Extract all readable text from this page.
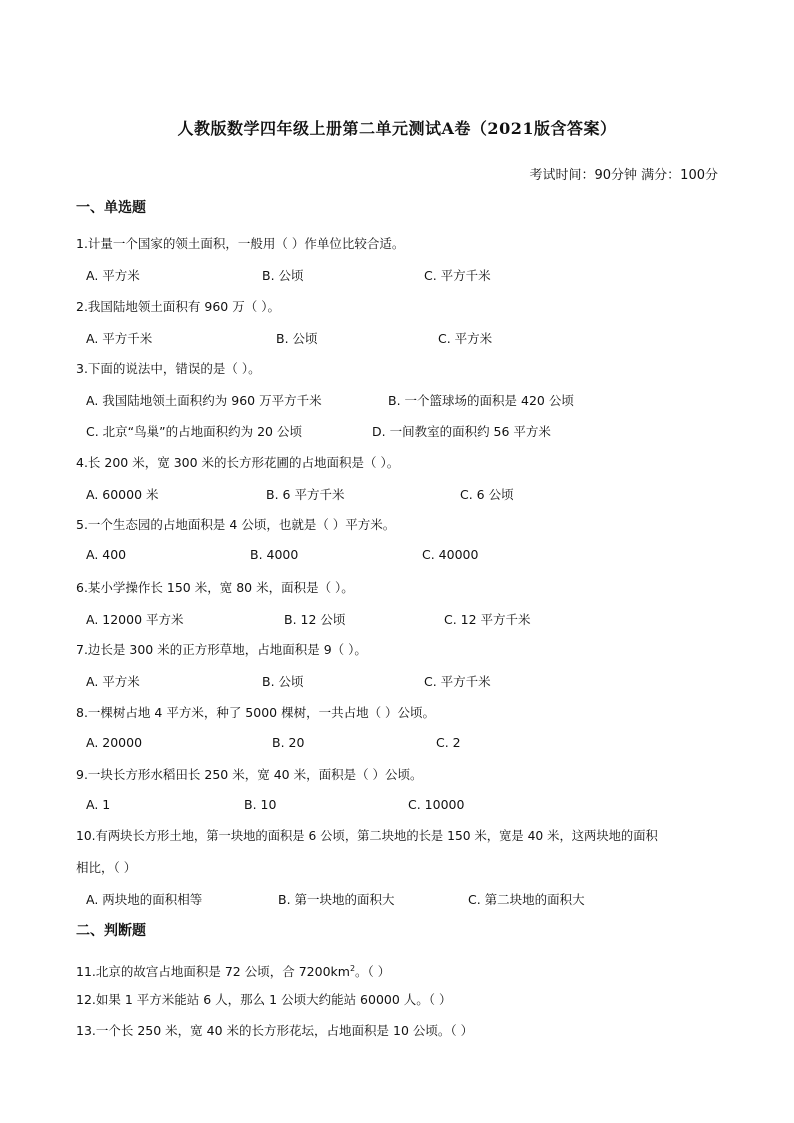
人教版数学四年级上册第二单元测试A卷（2021版含答案）
考试时间：90分钟 满分：100分
一、单选题
1.计量一个国家的领土面积，一般用（ ）作单位比较合适。
A. 平方米	B. 公顷	C. 平方千米
2.我国陆地领土面积有 960 万（ ）。
A. 平方千米	B. 公顷	C. 平方米
3.下面的说法中，错误的是（ ）。
A. 我国陆地领土面积约为 960 万平方千米	B. 一个篮球场的面积是 420 公顷
C. 北京“鸟巢”的占地面积约为 20 公顷	D. 一间教室的面积约 56 平方米
4.长 200 米，宽 300 米的长方形花圃的占地面积是（ ）。
A. 60000 米	B. 6 平方千米	C. 6 公顷
5.一个生态园的占地面积是 4 公顷，也就是（ ）平方米。
A. 400	B. 4000	C. 40000
6.某小学操作长 150 米，宽 80 米，面积是（ ）。
A. 12000 平方米	B. 12 公顷	C. 12 平方千米
7.边长是 300 米的正方形草地，占地面积是 9（ ）。
A. 平方米	B. 公顷	C. 平方千米
8.一棵树占地 4 平方米，种了 5000 棵树，一共占地（ ）公顷。
A. 20000	B. 20	C. 2
9.一块长方形水稻田长 250 米，宽 40 米，面积是（ ）公顷。
A. 1	B. 10	C. 10000
10.有两块长方形土地，第一块地的面积是 6 公顷，第二块地的长是 150 米，宽是 40 米，这两块地的面积
相比，（ ）
A. 两块地的面积相等	B. 第一块地的面积大	C. 第二块地的面积大
二、判断题
11.北京的故宫占地面积是 72 公顷，合 $7200km^2$。（ ）
12.如果 1 平方米能站 6 人，那么 1 公顷大约能站 60000 人。（ ）
13.一个长 250 米，宽 40 米的长方形花坛，占地面积是 10 公顷。（ ）
